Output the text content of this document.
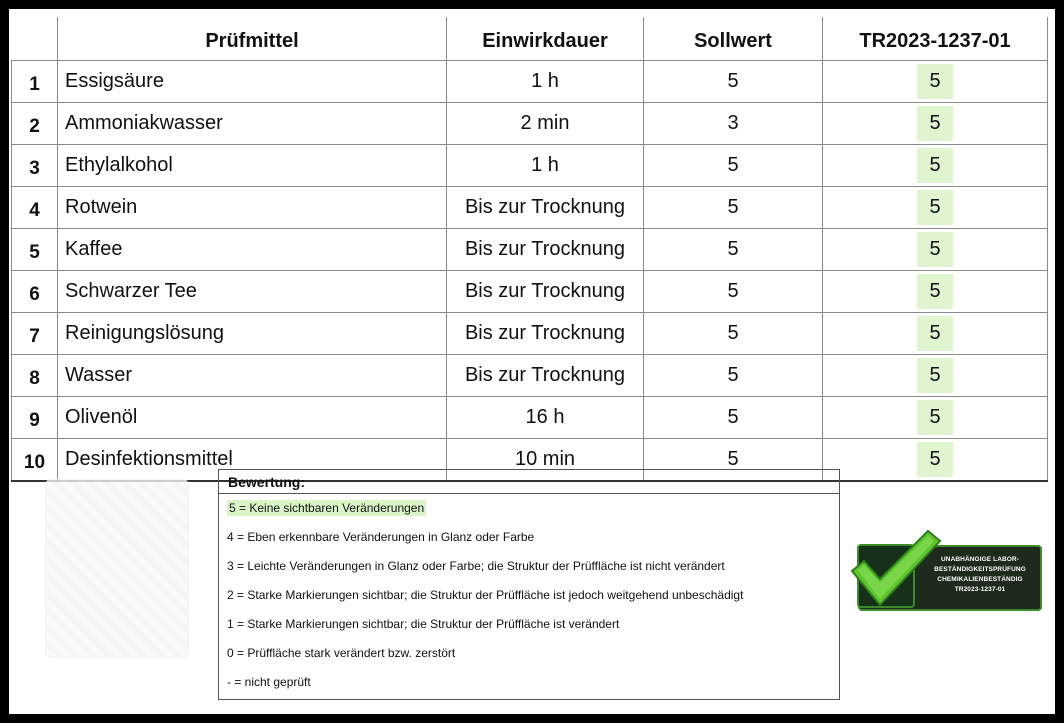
	Prüfmittel	Einwirkdauer	Sollwert	TR2023-1237-01
1	Essigsäure	1 h	5	5
2	Ammoniakwasser	2 min	3	5
3	Ethylalkohol	1 h	5	5
4	Rotwein	Bis zur Trocknung	5	5
5	Kaffee	Bis zur Trocknung	5	5
6	Schwarzer Tee	Bis zur Trocknung	5	5
7	Reinigungslösung	Bis zur Trocknung	5	5
8	Wasser	Bis zur Trocknung	5	5
9	Olivenöl	16 h	5	5
10	Desinfektionsmittel	10 min	5	5
Bewertung:
5 = Keine sichtbaren Veränderungen
4 = Eben erkennbare Veränderungen in Glanz oder Farbe
3 = Leichte Veränderungen in Glanz oder Farbe; die Struktur der Prüffläche ist nicht verändert
2 = Starke Markierungen sichtbar; die Struktur der Prüffläche ist jedoch weitgehend unbeschädigt
1 = Starke Markierungen sichtbar; die Struktur der Prüffläche ist verändert
0 = Prüffläche stark verändert bzw. zerstört
- = nicht geprüft
UNABHÄNGIGE LABOR-
BESTÄNDIGKEITSPRÜFUNG
CHEMIKALIENBESTÄNDIG
TR2023-1237-01
